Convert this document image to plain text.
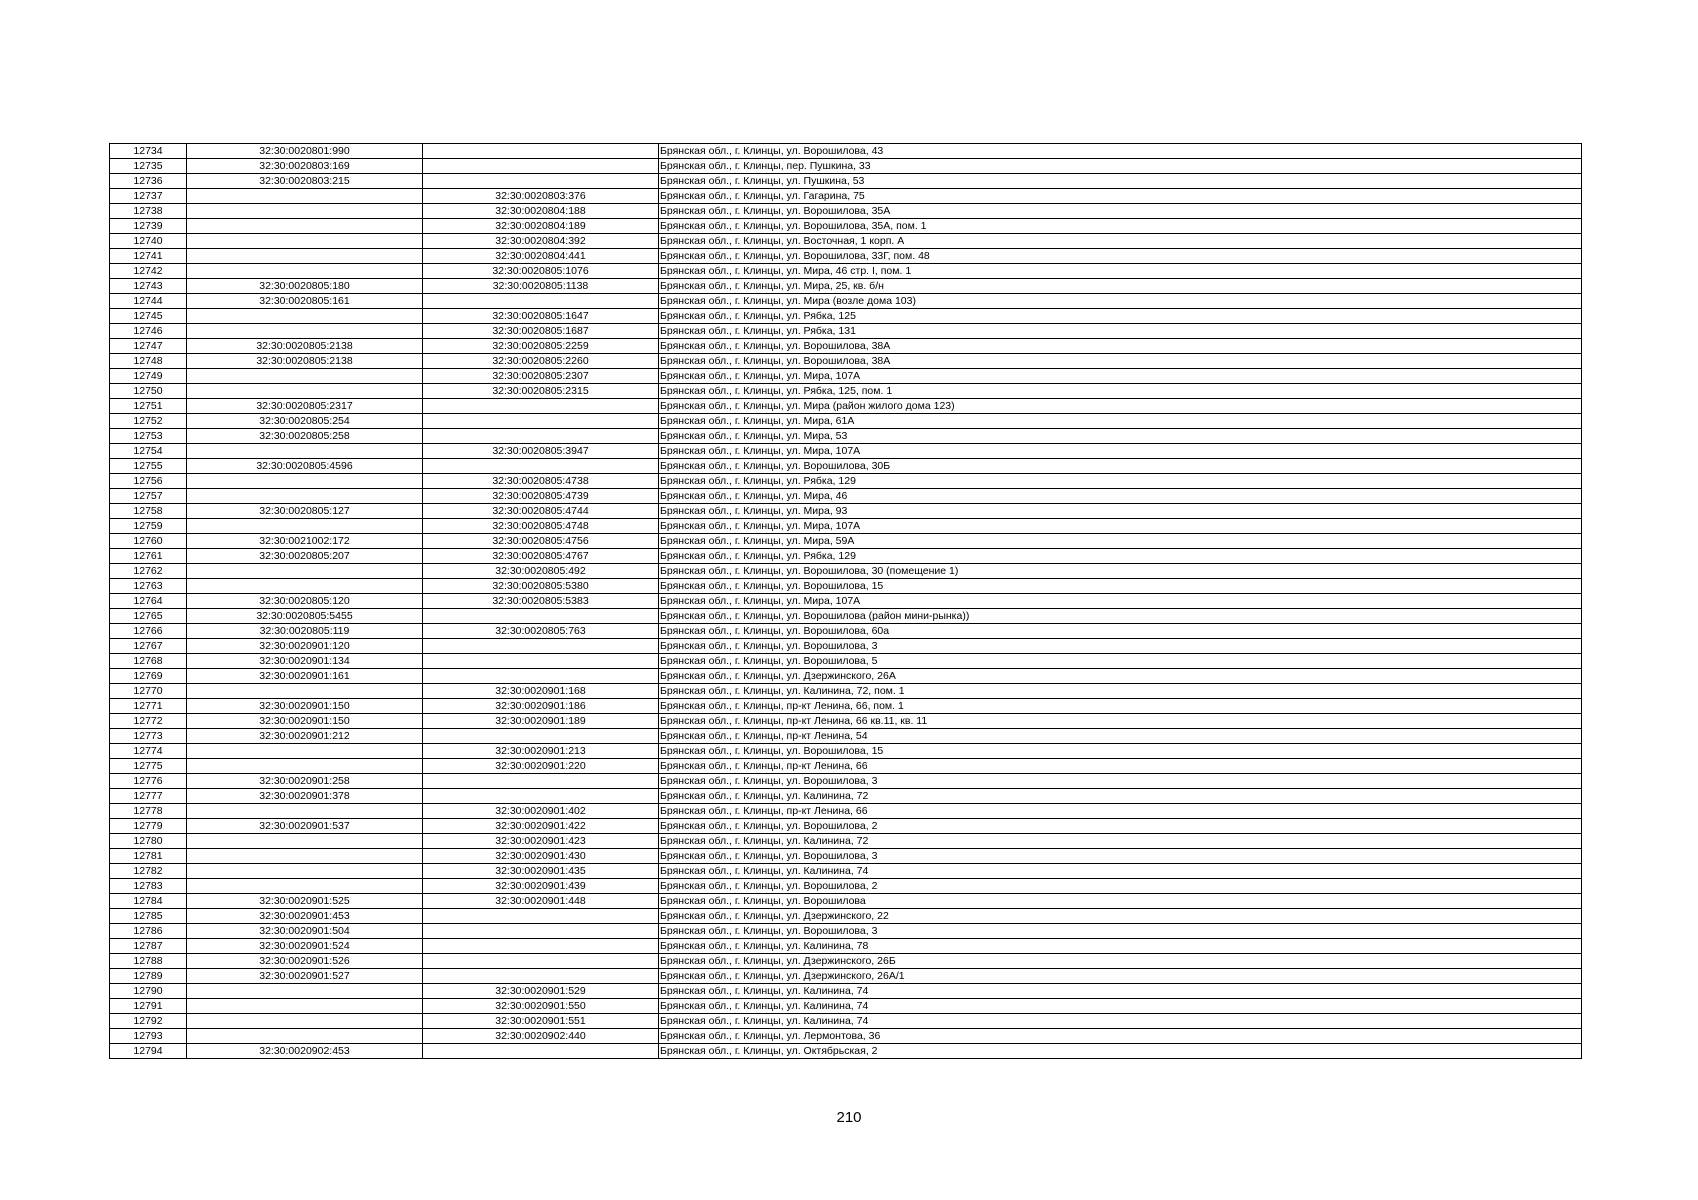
12734	32:30:0020801:990		Брянская обл., г. Клинцы, ул. Ворошилова, 43
12735	32:30:0020803:169		Брянская обл., г. Клинцы, пер. Пушкина, 33
12736	32:30:0020803:215		Брянская обл., г. Клинцы, ул. Пушкина, 53
12737		32:30:0020803:376	Брянская обл., г. Клинцы, ул. Гагарина, 75
12738		32:30:0020804:188	Брянская обл., г. Клинцы, ул. Ворошилова, 35А
12739		32:30:0020804:189	Брянская обл., г. Клинцы, ул. Ворошилова, 35А, пом. 1
12740		32:30:0020804:392	Брянская обл., г. Клинцы, ул. Восточная, 1 корп. А
12741		32:30:0020804:441	Брянская обл., г. Клинцы, ул. Ворошилова, 33Г, пом. 48
12742		32:30:0020805:1076	Брянская обл., г. Клинцы, ул. Мира, 46 стр. I, пом. 1
12743	32:30:0020805:180	32:30:0020805:1138	Брянская обл., г. Клинцы, ул. Мира, 25, кв. б/н
12744	32:30:0020805:161		Брянская обл., г. Клинцы, ул. Мира (возле дома 103)
12745		32:30:0020805:1647	Брянская обл., г. Клинцы, ул. Рябка, 125
12746		32:30:0020805:1687	Брянская обл., г. Клинцы, ул. Рябка, 131
12747	32:30:0020805:2138	32:30:0020805:2259	Брянская обл., г. Клинцы, ул. Ворошилова, 38А
12748	32:30:0020805:2138	32:30:0020805:2260	Брянская обл., г. Клинцы, ул. Ворошилова, 38А
12749		32:30:0020805:2307	Брянская обл., г. Клинцы, ул. Мира, 107А
12750		32:30:0020805:2315	Брянская обл., г. Клинцы, ул. Рябка, 125, пом. 1
12751	32:30:0020805:2317		Брянская обл., г. Клинцы, ул. Мира (район жилого дома 123)
12752	32:30:0020805:254		Брянская обл., г. Клинцы, ул. Мира, 61А
12753	32:30:0020805:258		Брянская обл., г. Клинцы, ул. Мира, 53
12754		32:30:0020805:3947	Брянская обл., г. Клинцы, ул. Мира, 107А
12755	32:30:0020805:4596		Брянская обл., г. Клинцы, ул. Ворошилова, 30Б
12756		32:30:0020805:4738	Брянская обл., г. Клинцы, ул. Рябка, 129
12757		32:30:0020805:4739	Брянская обл., г. Клинцы, ул. Мира, 46
12758	32:30:0020805:127	32:30:0020805:4744	Брянская обл., г. Клинцы, ул. Мира, 93
12759		32:30:0020805:4748	Брянская обл., г. Клинцы, ул. Мира, 107А
12760	32:30:0021002:172	32:30:0020805:4756	Брянская обл., г. Клинцы, ул. Мира, 59А
12761	32:30:0020805:207	32:30:0020805:4767	Брянская обл., г. Клинцы, ул. Рябка, 129
12762		32:30:0020805:492	Брянская обл., г. Клинцы, ул. Ворошилова, 30 (помещение 1)
12763		32:30:0020805:5380	Брянская обл., г. Клинцы, ул. Ворошилова, 15
12764	32:30:0020805:120	32:30:0020805:5383	Брянская обл., г. Клинцы, ул. Мира, 107А
12765	32:30:0020805:5455		Брянская обл., г. Клинцы, ул. Ворошилова (район мини-рынка))
12766	32:30:0020805:119	32:30:0020805:763	Брянская обл., г. Клинцы, ул. Ворошилова, 60а
12767	32:30:0020901:120		Брянская обл., г. Клинцы, ул. Ворошилова, 3
12768	32:30:0020901:134		Брянская обл., г. Клинцы, ул. Ворошилова, 5
12769	32:30:0020901:161		Брянская обл., г. Клинцы, ул. Дзержинского, 26А
12770		32:30:0020901:168	Брянская обл., г. Клинцы, ул. Калинина, 72, пом. 1
12771	32:30:0020901:150	32:30:0020901:186	Брянская обл., г. Клинцы, пр-кт Ленина, 66, пом. 1
12772	32:30:0020901:150	32:30:0020901:189	Брянская обл., г. Клинцы, пр-кт Ленина, 66 кв.11, кв. 11
12773	32:30:0020901:212		Брянская обл., г. Клинцы, пр-кт Ленина, 54
12774		32:30:0020901:213	Брянская обл., г. Клинцы, ул. Ворошилова, 15
12775		32:30:0020901:220	Брянская обл., г. Клинцы, пр-кт Ленина, 66
12776	32:30:0020901:258		Брянская обл., г. Клинцы, ул. Ворошилова, 3
12777	32:30:0020901:378		Брянская обл., г. Клинцы, ул. Калинина, 72
12778		32:30:0020901:402	Брянская обл., г. Клинцы, пр-кт Ленина, 66
12779	32:30:0020901:537	32:30:0020901:422	Брянская обл., г. Клинцы, ул. Ворошилова, 2
12780		32:30:0020901:423	Брянская обл., г. Клинцы, ул. Калинина, 72
12781		32:30:0020901:430	Брянская обл., г. Клинцы, ул. Ворошилова, 3
12782		32:30:0020901:435	Брянская обл., г. Клинцы, ул. Калинина, 74
12783		32:30:0020901:439	Брянская обл., г. Клинцы, ул. Ворошилова, 2
12784	32:30:0020901:525	32:30:0020901:448	Брянская обл., г. Клинцы, ул. Ворошилова
12785	32:30:0020901:453		Брянская обл., г. Клинцы, ул. Дзержинского, 22
12786	32:30:0020901:504		Брянская обл., г. Клинцы, ул. Ворошилова, 3
12787	32:30:0020901:524		Брянская обл., г. Клинцы, ул. Калинина, 78
12788	32:30:0020901:526		Брянская обл., г. Клинцы, ул. Дзержинского, 26Б
12789	32:30:0020901:527		Брянская обл., г. Клинцы, ул. Дзержинского, 26А/1
12790		32:30:0020901:529	Брянская обл., г. Клинцы, ул. Калинина, 74
12791		32:30:0020901:550	Брянская обл., г. Клинцы, ул. Калинина, 74
12792		32:30:0020901:551	Брянская обл., г. Клинцы, ул. Калинина, 74
12793		32:30:0020902:440	Брянская обл., г. Клинцы, ул. Лермонтова, 36
12794	32:30:0020902:453		Брянская обл., г. Клинцы, ул. Октябрьская, 2
210
